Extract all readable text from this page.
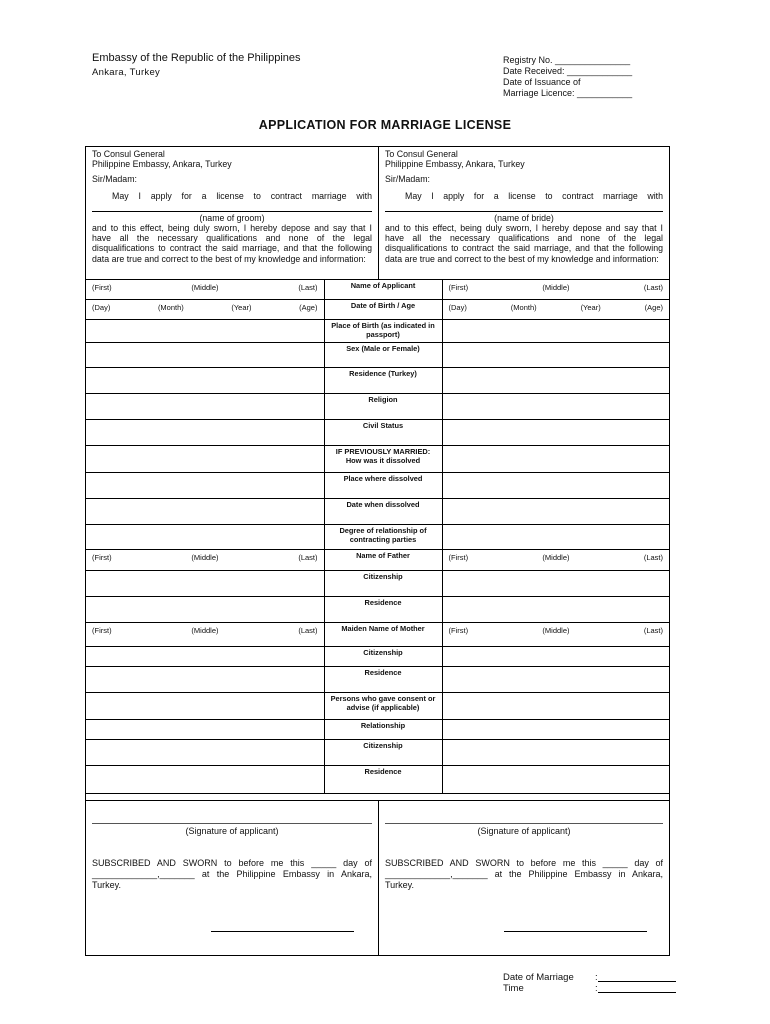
Embassy of the Republic of the Philippines
Ankara, Turkey
Registry No. _______________
Date Received: _____________
Date of Issuance of
Marriage Licence: ___________
APPLICATION FOR MARRIAGE LICENSE
To Consul General
Philippine Embassy, Ankara, Turkey
Sir/Madam:
May I apply for a license to contract marriage with
(name of groom)
and to this effect, being duly sworn, I hereby depose and say that I have all the necessary qualifications and none of the legal disqualifications to contract the said marriage, and that the following data are true and correct to the best of my knowledge and information:
To Consul General
Philippine Embassy, Ankara, Turkey
Sir/Madam:
May I apply for a license to contract marriage with
(name of bride)
and to this effect, being duly sworn, I hereby depose and say that I have all the necessary qualifications and none of the legal disqualifications to contract the said marriage, and that the following data are true and correct to the best of my knowledge and information:
(First) (Middle) (Last)	Name of Applicant	(First) (Middle) (Last)

(Day) (Month) (Year) (Age)	Date of Birth / Age	(Day) (Month) (Year) (Age)

	Place of Birth (as indicated in passport)	
	Sex (Male or Female)	
	Residence (Turkey)	
	Religion	
	Civil Status	

	IF PREVIOUSLY MARRIED:
How was it dissolved	

	Place where dissolved	
	Date when dissolved	
	Degree of relationship of contracting parties	

(First) (Middle) (Last)	Name of Father	(First) (Middle) (Last)

	Citizenship	
	Residence	

(First) (Middle) (Last)	Maiden Name of Mother	(First) (Middle) (Last)

	Citizenship	
	Residence	
	Persons who gave consent or advise (if applicable)	
	Relationship	
	Citizenship	
	Residence	
(Signature of applicant)
SUBSCRIBED AND SWORN to before me this _____ day of _____________,_______ at the Philippine Embassy in Ankara, Turkey.
(Signature of applicant)
SUBSCRIBED AND SWORN to before me this _____ day of _____________,_______ at the Philippine Embassy in Ankara, Turkey.
Date of Marriage	:
Time	:
